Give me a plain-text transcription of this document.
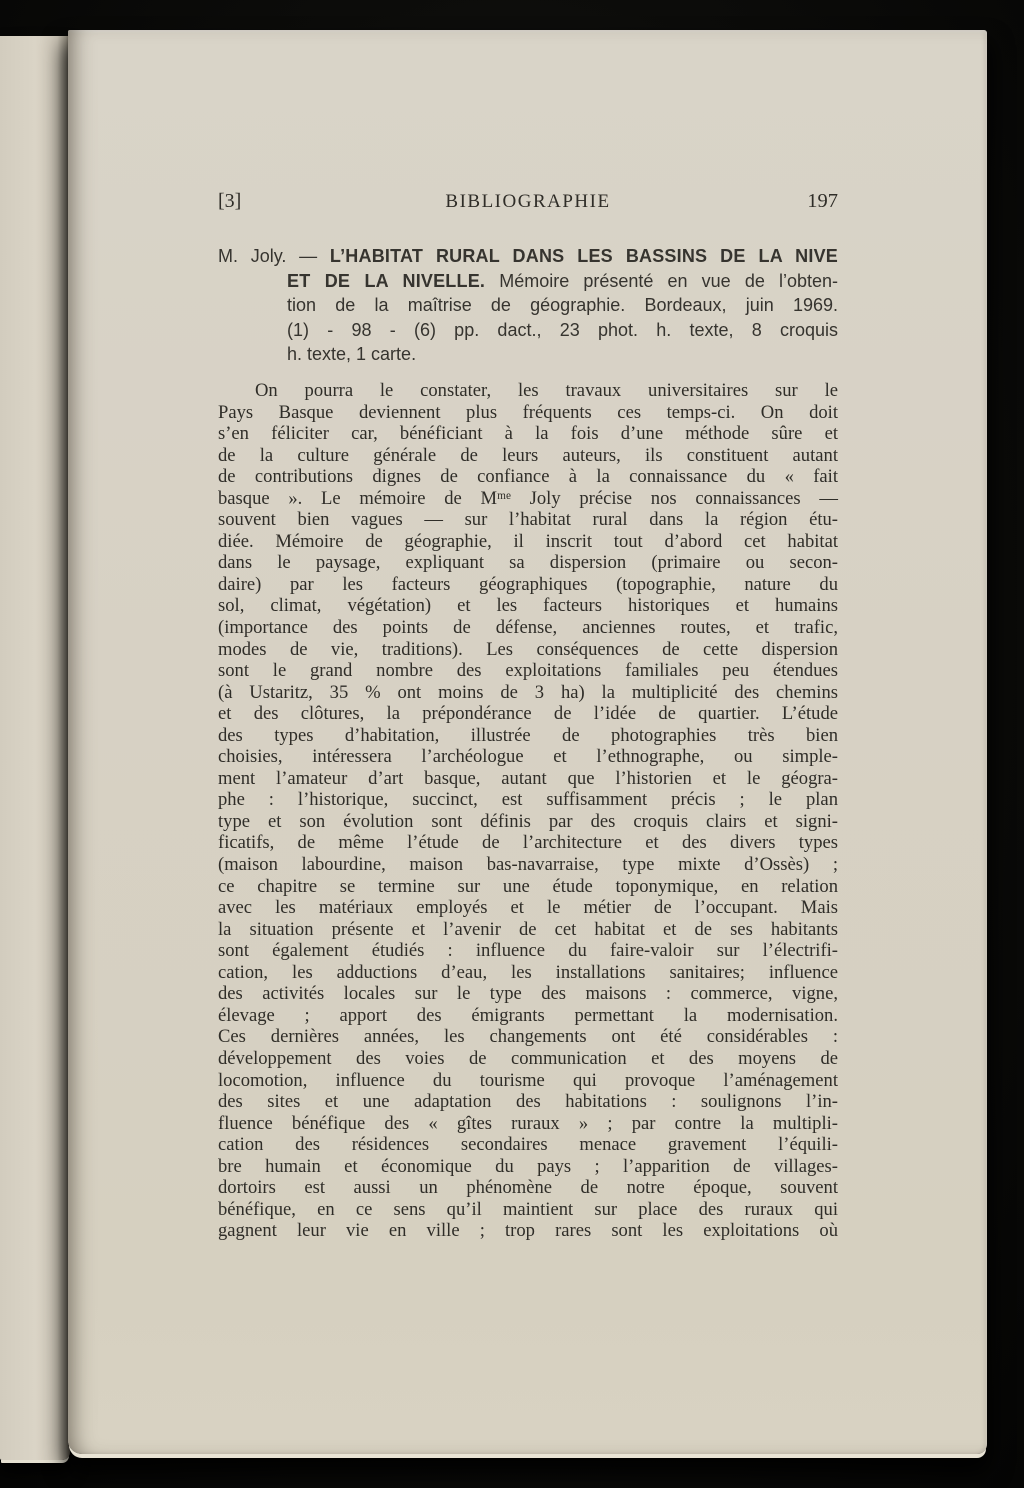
[3]	BIBLIOGRAPHIE	197
M. Joly. — L’HABITAT RURAL DANS LES BASSINS DE LA NIVE
ET DE LA NIVELLE. Mémoire présenté en vue de l’obten-
tion de la maîtrise de géographie. Bordeaux, juin 1969.
(1) - 98 - (6) pp. dact., 23 phot. h. texte, 8 croquis
h. texte, 1 carte.
On pourra le constater, les travaux universitaires sur le
Pays Basque deviennent plus fréquents ces temps-ci. On doit
s’en féliciter car, bénéficiant à la fois d’une méthode sûre et
de la culture générale de leurs auteurs, ils constituent autant
de contributions dignes de confiance à la connaissance du « fait
basque ». Le mémoire de Mᵐᵉ Joly précise nos connaissances —
souvent bien vagues — sur l’habitat rural dans la région étu-
diée. Mémoire de géographie, il inscrit tout d’abord cet habitat
dans le paysage, expliquant sa dispersion (primaire ou secon-
daire) par les facteurs géographiques (topographie, nature du
sol, climat, végétation) et les facteurs historiques et humains
(importance des points de défense, anciennes routes, et trafic,
modes de vie, traditions). Les conséquences de cette dispersion
sont le grand nombre des exploitations familiales peu étendues
(à Ustaritz, 35 % ont moins de 3 ha) la multiplicité des chemins
et des clôtures, la prépondérance de l’idée de quartier. L’étude
des types d’habitation, illustrée de photographies très bien
choisies, intéressera l’archéologue et l’ethnographe, ou simple-
ment l’amateur d’art basque, autant que l’historien et le géogra-
phe : l’historique, succinct, est suffisamment précis ; le plan
type et son évolution sont définis par des croquis clairs et signi-
ficatifs, de même l’étude de l’architecture et des divers types
(maison labourdine, maison bas-navarraise, type mixte d’Ossès) ;
ce chapitre se termine sur une étude toponymique, en relation
avec les matériaux employés et le métier de l’occupant. Mais
la situation présente et l’avenir de cet habitat et de ses habitants
sont également étudiés : influence du faire-valoir sur l’électrifi-
cation, les adductions d’eau, les installations sanitaires; influence
des activités locales sur le type des maisons : commerce, vigne,
élevage ; apport des émigrants permettant la modernisation.
Ces dernières années, les changements ont été considérables :
développement des voies de communication et des moyens de
locomotion, influence du tourisme qui provoque l’aménagement
des sites et une adaptation des habitations : soulignons l’in-
fluence bénéfique des « gîtes ruraux » ; par contre la multipli-
cation des résidences secondaires menace gravement l’équili-
bre humain et économique du pays ; l’apparition de villages-
dortoirs est aussi un phénomène de notre époque, souvent
bénéfique, en ce sens qu’il maintient sur place des ruraux qui
gagnent leur vie en ville ; trop rares sont les exploitations où
